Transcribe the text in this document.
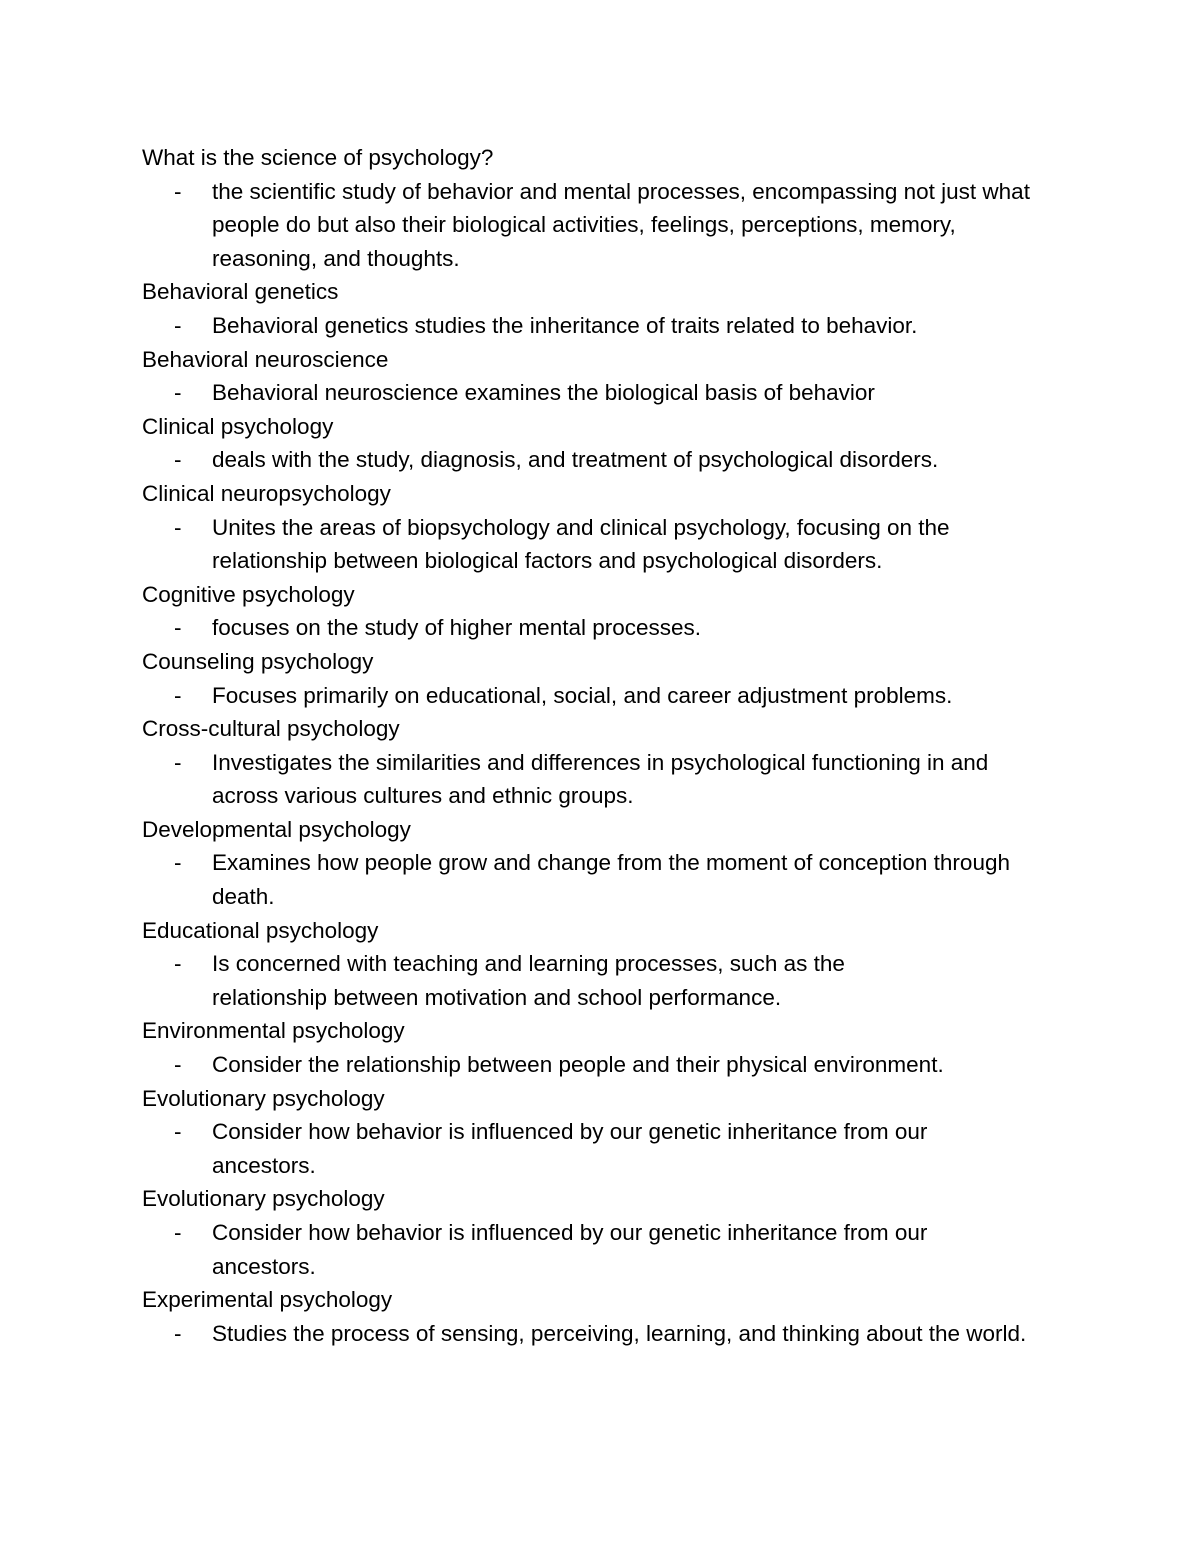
What is the science of psychology?

- the scientific study of behavior and mental processes, encompassing not just what people do but also their biological activities, feelings, perceptions, memory, reasoning, and thoughts.

Behavioral genetics

- Behavioral genetics studies the inheritance of traits related to behavior.

Behavioral neuroscience

- Behavioral neuroscience examines the biological basis of behavior

Clinical psychology

- deals with the study, diagnosis, and treatment of psychological disorders.

Clinical neuropsychology

- Unites the areas of biopsychology and clinical psychology, focusing on the relationship between biological factors and psychological disorders.

Cognitive psychology

- focuses on the study of higher mental processes.

Counseling psychology

- Focuses primarily on educational, social, and career adjustment problems.

Cross-cultural psychology

- Investigates the similarities and differences in psychological functioning in and across various cultures and ethnic groups.

Developmental psychology

- Examines how people grow and change from the moment of conception through death.

Educational psychology

- Is concerned with teaching and learning processes, such as the relationship between motivation and school performance.

Environmental psychology

- Consider the relationship between people and their physical environment.

Evolutionary psychology

- Consider how behavior is influenced by our genetic inheritance from our ancestors.

Evolutionary psychology

- Consider how behavior is influenced by our genetic inheritance from our ancestors.

Experimental psychology

- Studies the process of sensing, perceiving, learning, and thinking about the world.
